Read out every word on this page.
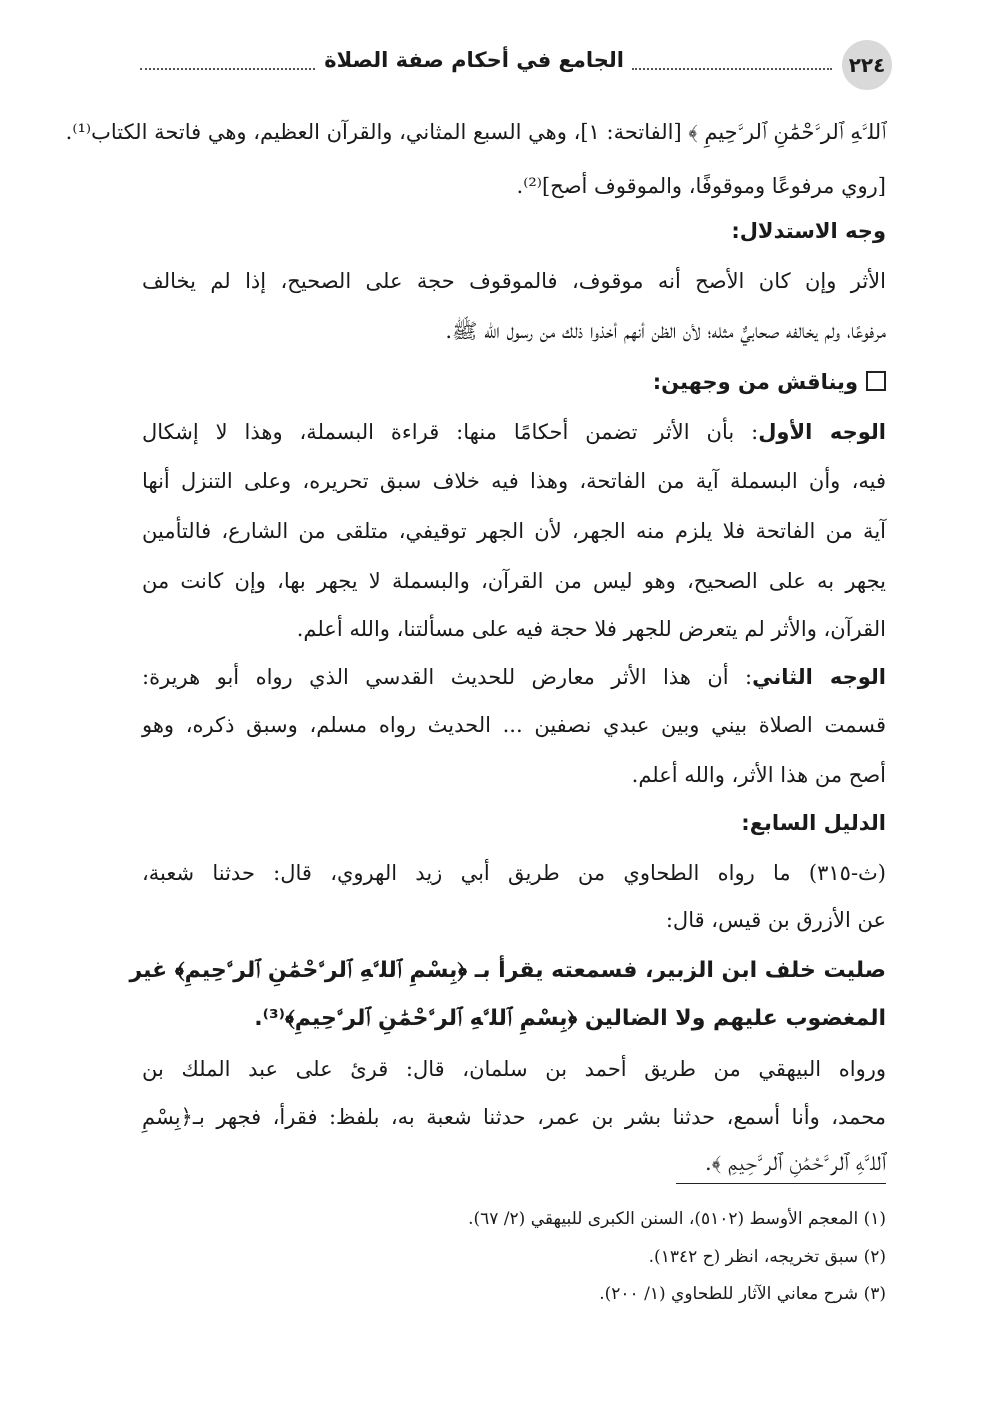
٢٢٤
الجامع في أحكام صفة الصلاة
ﭐﻟﻠﱠﻪِ ﭐﻟﺮﱠﺣْﻤَٰﻦِ ﭐﻟﺮﱠﺣِﻴﻢِ ﴾ [الفاتحة: ١]، وهي السبع المثاني، والقرآن العظيم، وهي فاتحة الكتاب⁽¹⁾.
[روي مرفوعًا وموقوفًا، والموقوف أصح]⁽²⁾.
وجه الاستدلال:
الأثر وإن كان الأصح أنه موقوف، فالموقوف حجة على الصحيح، إذا لم يخالف
مرفوعًا، ولم يخالفه صحابيٌّ مثله؛ لأن الظن أنهم أخذوا ذلك من رسول الله ﷺ.
ويناقش من وجهين:
الوجه الأول: بأن الأثر تضمن أحكامًا منها: قراءة البسملة، وهذا لا إشكال
فيه، وأن البسملة آية من الفاتحة، وهذا فيه خلاف سبق تحريره، وعلى التنزل أنها
آية من الفاتحة فلا يلزم منه الجهر، لأن الجهر توقيفي، متلقى من الشارع، فالتأمين
يجهر به على الصحيح، وهو ليس من القرآن، والبسملة لا يجهر بها، وإن كانت من
القرآن، والأثر لم يتعرض للجهر فلا حجة فيه على مسألتنا، والله أعلم.
الوجه الثاني: أن هذا الأثر معارض للحديث القدسي الذي رواه أبو هريرة:
قسمت الصلاة بيني وبين عبدي نصفين ... الحديث رواه مسلم، وسبق ذكره، وهو
أصح من هذا الأثر، والله أعلم.
الدليل السابع:
(ث-٣١٥) ما رواه الطحاوي من طريق أبي زيد الهروي، قال: حدثنا شعبة،
عن الأزرق بن قيس، قال:
صليت خلف ابن الزبير، فسمعته يقرأ بـ ﴿بِسْمِ ﭐﻟﻠﱠﻪِ ﭐﻟﺮﱠﺣْﻤَٰﻦِ ﭐﻟﺮﱠﺣِﻴﻢِ﴾ غير
المغضوب عليهم ولا الضالين ﴿بِسْمِ ﭐﻟﻠﱠﻪِ ﭐﻟﺮﱠﺣْﻤَٰﻦِ ﭐﻟﺮﱠﺣِﻴﻢِ﴾⁽³⁾.
ورواه البيهقي من طريق أحمد بن سلمان، قال: قرئ على عبد الملك بن
محمد، وأنا أسمع، حدثنا بشر بن عمر، حدثنا شعبة به، بلفظ: فقرأ، فجهر بـ﴿بِسْمِ
ﭐﻟﻠﱠﻪِ ﭐﻟﺮﱠﺣْﻤَٰﻦِ ﭐﻟﺮﱠﺣِﻴﻢِ ﴾.
(١) المعجم الأوسط (٥١٠٢)، السنن الكبرى للبيهقي (٢/ ٦٧).
(٢) سبق تخريجه، انظر (ح ١٣٤٢).
(٣) شرح معاني الآثار للطحاوي (١/ ٢٠٠).
